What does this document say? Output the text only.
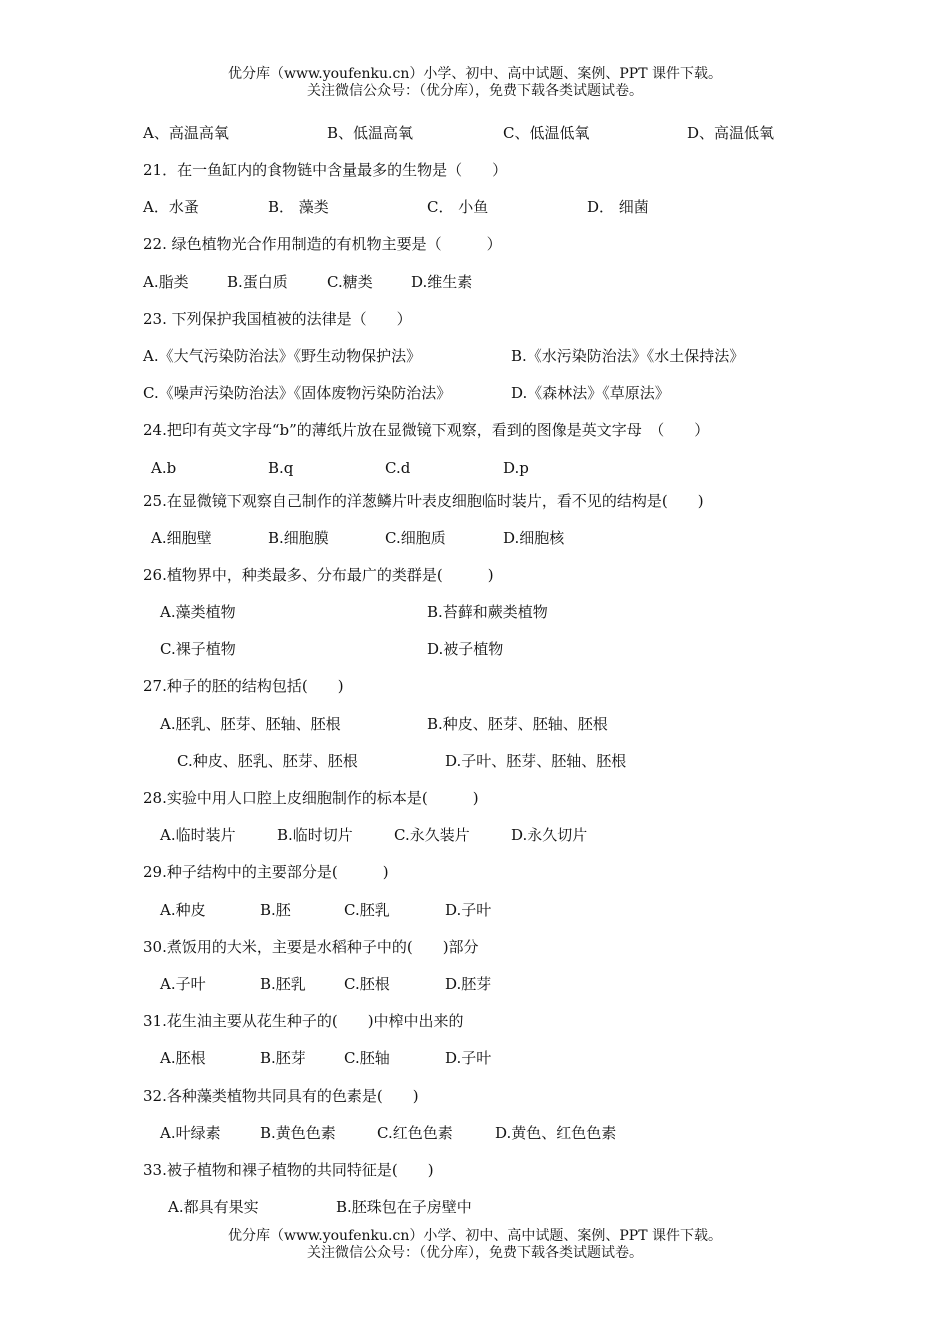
优分库（www.youfenku.cn）小学、初中、高中试题、案例、PPT 课件下载。
关注微信公众号：（优分库），免费下载各类试题试卷。
A、高温高氧	B、低温高氧	C、低温低氧	D、高温低氧
21．在一鱼缸内的食物链中含量最多的生物是（　　）
A．水蚤	B． 藻类	C． 小鱼	D． 细菌
22. 绿色植物光合作用制造的有机物主要是（　　　）
A.脂类	B.蛋白质	C.糖类	D.维生素
23. 下列保护我国植被的法律是（　　）
A.《大气污染防治法》《野生动物保护法》	B.《水污染防治法》《水土保持法》
C.《噪声污染防治法》《固体废物污染防治法》	D.《森林法》《草原法》
24.把印有英文字母“b”的薄纸片放在显微镜下观察，看到的图像是英文字母　（　　）
A.b	B.q	C.d	D.p
25.在显微镜下观察自己制作的洋葱鳞片叶表皮细胞临时装片，看不见的结构是(　　)
A.细胞壁	B.细胞膜	C.细胞质	D.细胞核
26.植物界中，种类最多、分布最广的类群是(　　　)
A.藻类植物	B.苔藓和蕨类植物
C.裸子植物	D.被子植物
27.种子的胚的结构包括(　　)
A.胚乳、胚芽、胚轴、胚根	B.种皮、胚芽、胚轴、胚根
C.种皮、胚乳、胚芽、胚根	D.子叶、胚芽、胚轴、胚根
28.实验中用人口腔上皮细胞制作的标本是(　　　)
A.临时装片	B.临时切片	C.永久装片	D.永久切片
29.种子结构中的主要部分是(　　　)
A.种皮	B.胚	C.胚乳	D.子叶
30.煮饭用的大米，主要是水稻种子中的(　　)部分
A.子叶	B.胚乳	C.胚根	D.胚芽
31.花生油主要从花生种子的(　　)中榨中出来的
A.胚根	B.胚芽	C.胚轴	D.子叶
32.各种藻类植物共同具有的色素是(　　)
A.叶绿素	B.黄色色素	C.红色色素	D.黄色、红色色素
33.被子植物和裸子植物的共同特征是(　　)
A.都具有果实	B.胚珠包在子房壁中
优分库（www.youfenku.cn）小学、初中、高中试题、案例、PPT 课件下载。
关注微信公众号：（优分库），免费下载各类试题试卷。
